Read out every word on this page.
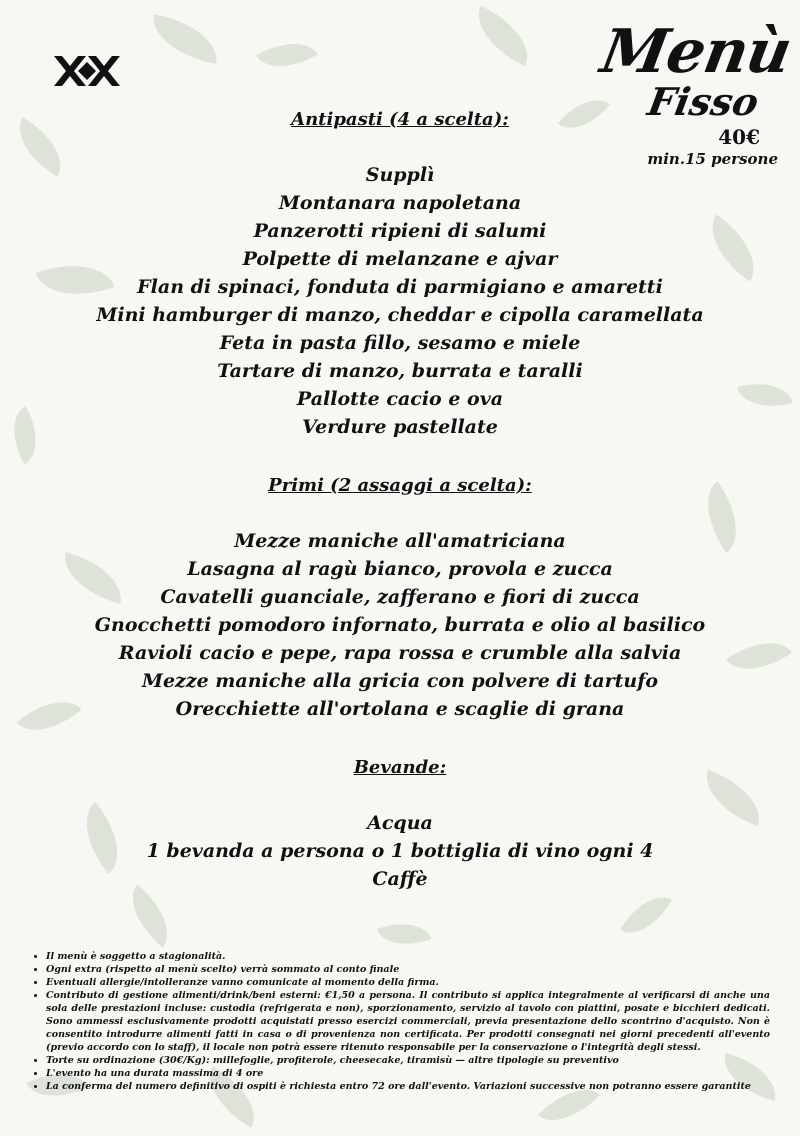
Menù
Fisso
40€
min.15 persone

Antipasti (4 a scelta):

Supplì
Montanara napoletana
Panzerotti ripieni di salumi
Polpette di melanzane e ajvar
Flan di spinaci, fonduta di parmigiano e amaretti
Mini hamburger di manzo, cheddar e cipolla caramellata
Feta in pasta fillo, sesamo e miele
Tartare di manzo, burrata e taralli
Pallotte cacio e ova
Verdure pastellate

Primi (2 assaggi a scelta):

Mezze maniche all'amatriciana
Lasagna al ragù bianco, provola e zucca
Cavatelli guanciale, zafferano e fiori di zucca
Gnocchetti pomodoro infornato, burrata e olio al basilico
Ravioli cacio e pepe, rapa rossa e crumble alla salvia
Mezze maniche alla gricia con polvere di tartufo
Orecchiette all'ortolana e scaglie di grana

Bevande:

Acqua
1 bevanda a persona o 1 bottiglia di vino ogni 4
Caffè
• Il menù è soggetto a stagionalità.
• Ogni extra (rispetto al menù scelto) verrà sommato al conto finale
• Eventuali allergie/intolleranze vanno comunicate al momento della firma.
• Contributo di gestione alimenti/drink/beni esterni: €1,50 a persona. Il contributo si applica integralmente al verificarsi di anche una sola delle prestazioni incluse: custodia (refrigerata e non), sporzionamento, servizio al tavolo con piattini, posate e bicchieri dedicati. Sono ammessi esclusivamente prodotti acquistati presso esercizi commerciali, previa presentazione dello scontrino d'acquisto. Non è consentito introdurre alimenti fatti in casa o di provenienza non certificata. Per prodotti consegnati nei giorni precedenti all'evento (previo accordo con lo staff), il locale non potrà essere ritenuto responsabile per la conservazione o l'integrità degli stessi.
• Torte su ordinazione (30€/Kg): millefoglie, profiterole, cheesecake, tiramisù — altre tipologie su preventivo
• L'evento ha una durata massima di 4 ore
• La conferma del numero definitivo di ospiti è richiesta entro 72 ore dall'evento. Variazioni successive non potranno essere garantite
